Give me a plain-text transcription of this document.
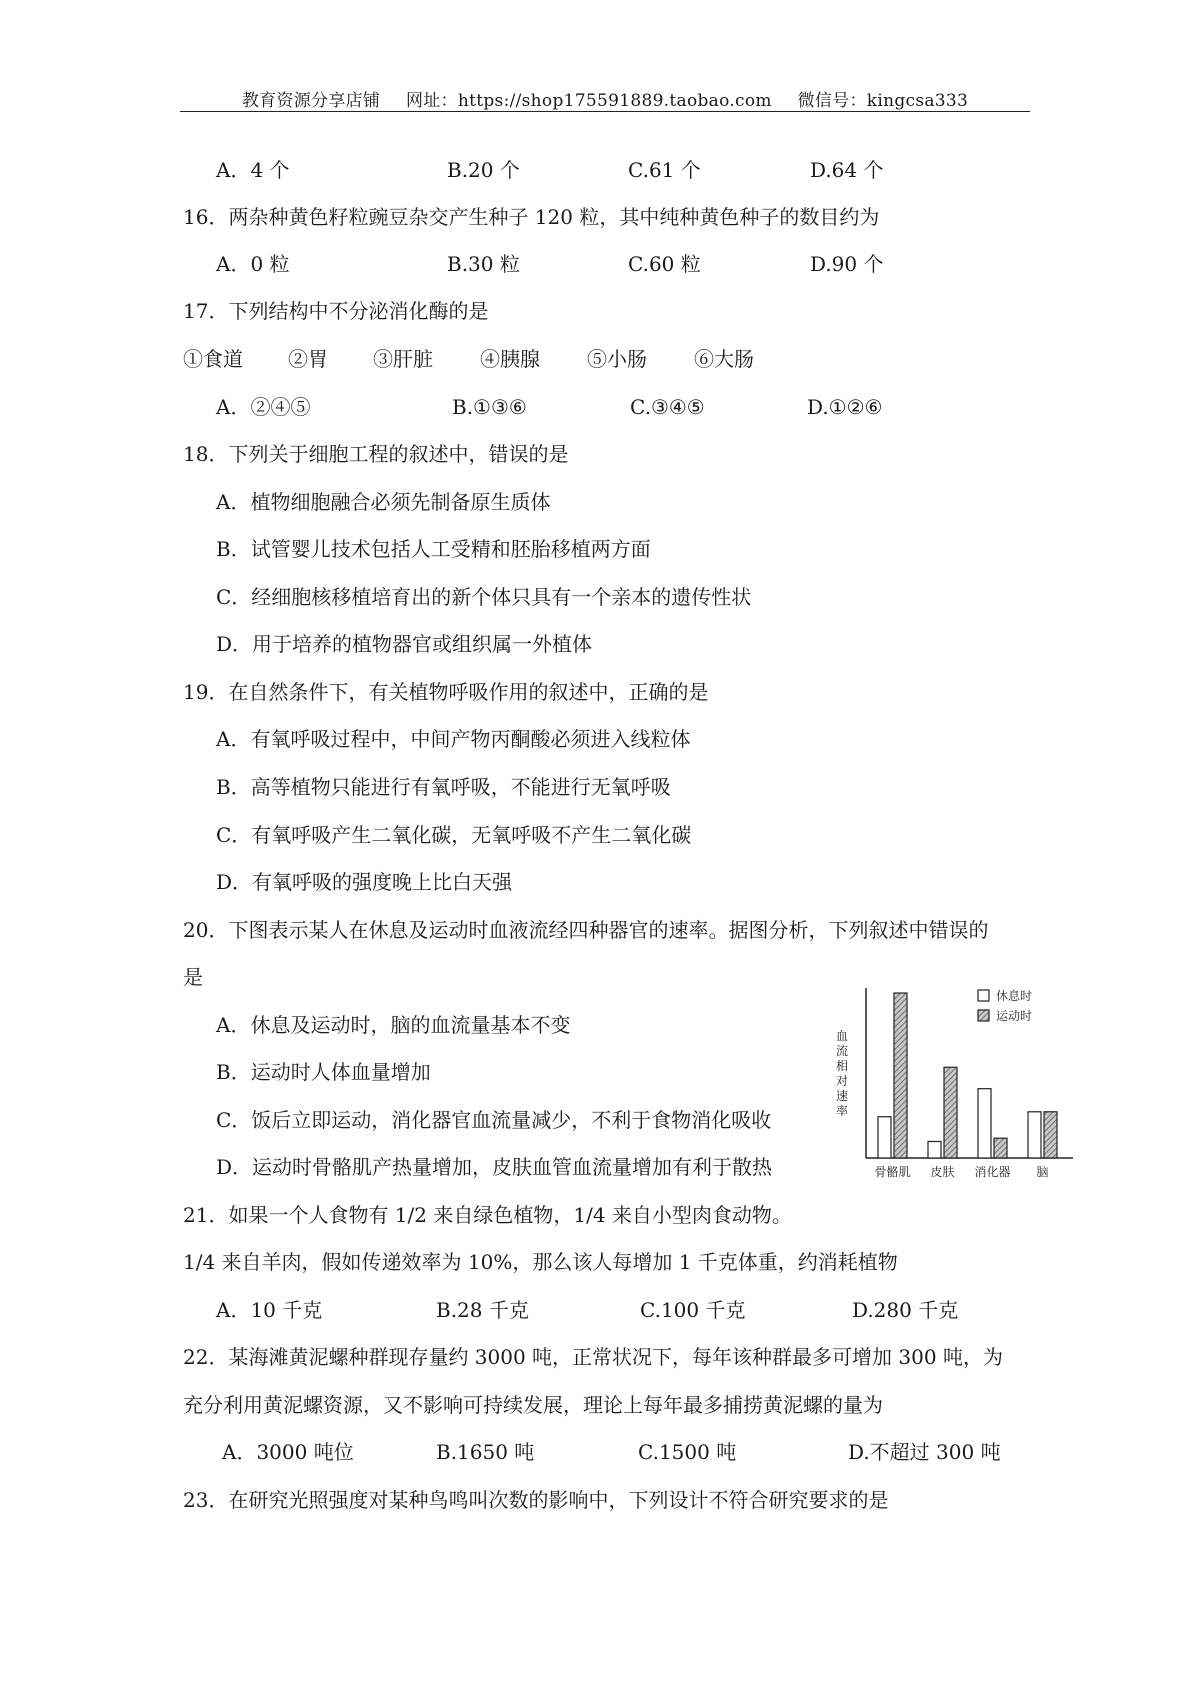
教育资源分享店铺 网址：https://shop175591889.taobao.com 微信号：kingcsa333
A．4 个	B.20 个	C.61 个	D.64 个
16．两杂种黄色籽粒豌豆杂交产生种子 120 粒，其中纯种黄色种子的数目约为
A．0 粒	B.30 粒	C.60 粒	D.90 个
17．下列结构中不分泌消化酶的是
①食道 ②胃 ③肝脏 ④胰腺 ⑤小肠 ⑥大肠
A．②④⑤	B.①③⑥	C.③④⑤	D.①②⑥
18．下列关于细胞工程的叙述中，错误的是
A．植物细胞融合必须先制备原生质体
B．试管婴儿技术包括人工受精和胚胎移植两方面
C．经细胞核移植培育出的新个体只具有一个亲本的遗传性状
D．用于培养的植物器官或组织属一外植体
19．在自然条件下，有关植物呼吸作用的叙述中，正确的是
A．有氧呼吸过程中，中间产物丙酮酸必须进入线粒体
B．高等植物只能进行有氧呼吸，不能进行无氧呼吸
C．有氧呼吸产生二氧化碳，无氧呼吸不产生二氧化碳
D．有氧呼吸的强度晚上比白天强
20．下图表示某人在休息及运动时血液流经四种器官的速率。据图分析，下列叙述中错误的
是
A．休息及运动时，脑的血流量基本不变
B．运动时人体血量增加
C．饭后立即运动，消化器官血流量减少，不利于食物消化吸收
D．运动时骨骼肌产热量增加，皮肤血管血流量增加有利于散热
血流相对速率
骨骼肌 皮肤 消化器 脑
休息时
运动时
21．如果一个人食物有 1/2 来自绿色植物，1/4 来自小型肉食动物。
1/4 来自羊肉，假如传递效率为 10%，那么该人每增加 1 千克体重，约消耗植物
A．10 千克	B.28 千克	C.100 千克	D.280 千克
22．某海滩黄泥螺种群现存量约 3000 吨，正常状况下，每年该种群最多可增加 300 吨，为
充分利用黄泥螺资源，又不影响可持续发展，理论上每年最多捕捞黄泥螺的量为
A．3000 吨位	B.1650 吨	C.1500 吨	D.不超过 300 吨
23．在研究光照强度对某种鸟鸣叫次数的影响中，下列设计不符合研究要求的是
